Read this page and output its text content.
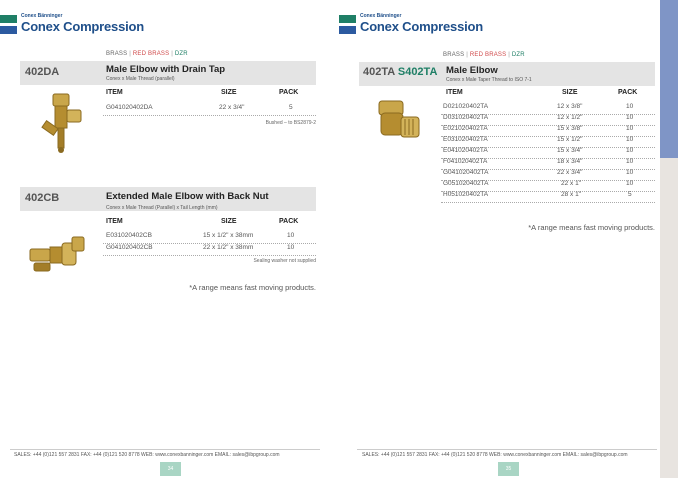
Conex Bänninger
Conex Compression
BRASS | RED BRASS | DZR
402DA	Male Elbow with Drain Tap
Conex x Male Thread (parallel)
ITEM	SIZE	PACK
G041020402DA	22 x 3/4"	5
Bushed – to BS2879-2
402CB	Extended Male Elbow with Back Nut
Conex x Male Thread (Parallel) x Tail Length (mm)
ITEM	SIZE	PACK
E031020402CB	15 x 1/2" x 38mm	10
G041020402CB	22 x 1/2" x 38mm	10
Sealing washer not supplied
*A range means fast moving products.
SALES: +44 (0)121 557 2831 FAX: +44 (0)121 520 8778 WEB: www.conexbanninger.com EMAIL: sales@ibpgroup.com
34
Conex Bänninger
Conex Compression
BRASS | RED BRASS | DZR
402TA S402TA Male Elbow
Conex x Male Taper Thread to ISO 7-1
ITEM	SIZE	PACK
D021020402TA	12 x 3/8"	10
D031020402TA	12 x 1/2"	10
E021020402TA	15 x 3/8"	10
E031020402TA	15 x 1/2"	10
E041020402TA	15 x 3/4"	10
F041020402TA	18 x 3/4"	10
G041020402TA	22 x 3/4"	10
G051020402TA	22 x 1"	10
H051020402TA	28 x 1"	5
*A range means fast moving products.
SALES: +44 (0)121 557 2831 FAX: +44 (0)121 520 8778 WEB: www.conexbanninger.com EMAIL: sales@ibpgroup.com
35
